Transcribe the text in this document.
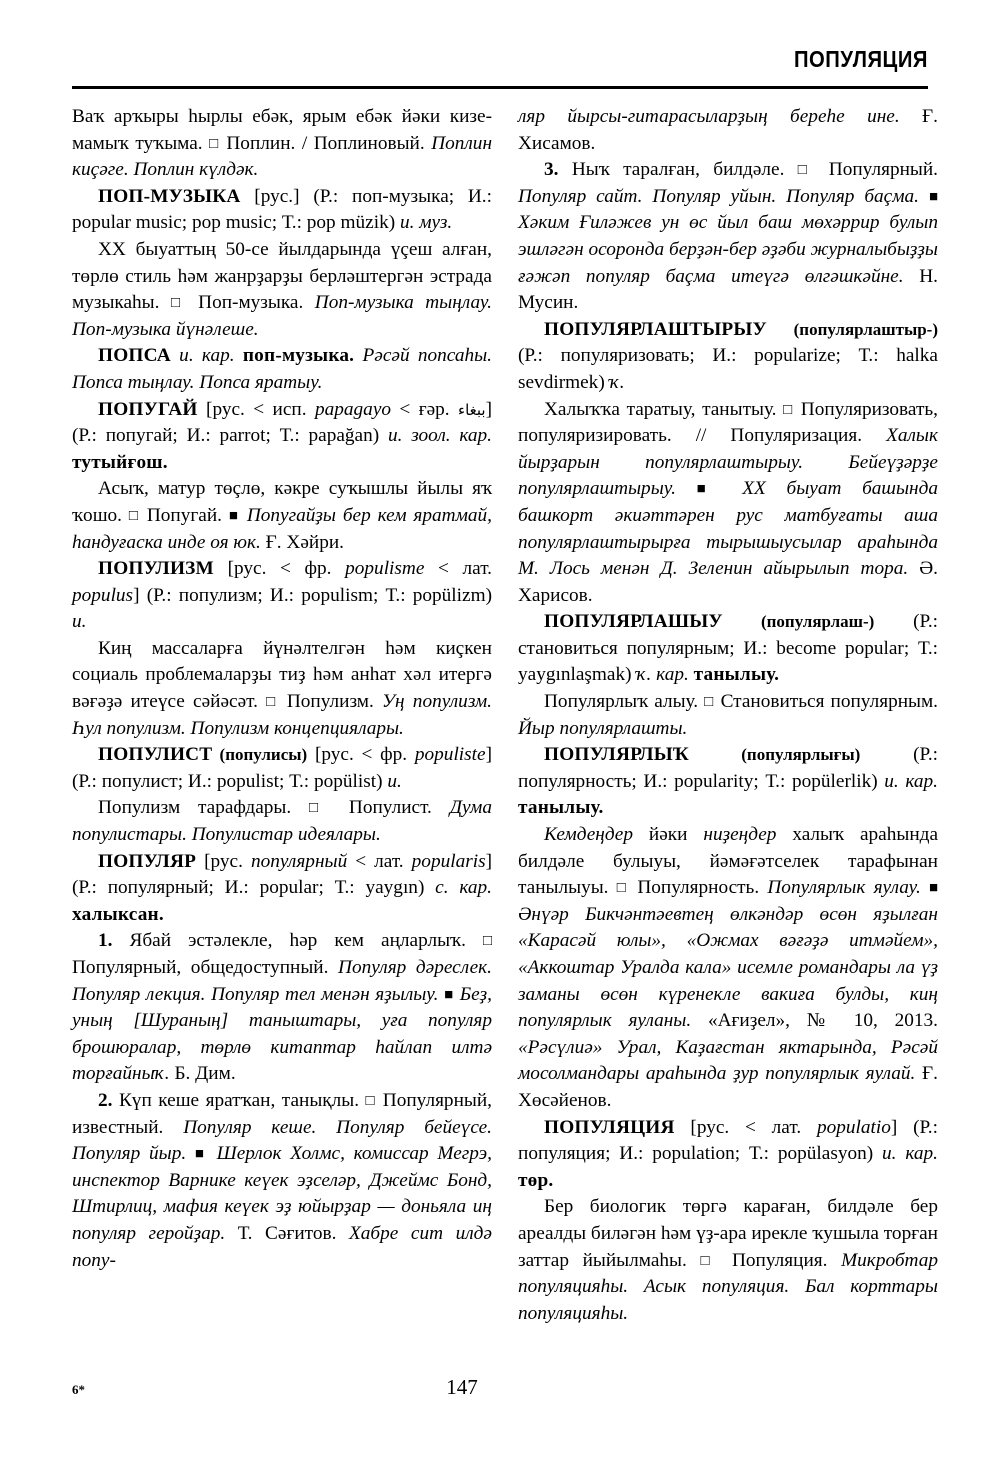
ПОПУЛЯЦИЯ

Ваҡ арҡыры һырлы ебәк, ярым ебәк йәки кизе-мамыҡ туҡыма. □ Поплин. / Поплиновый. Поплин киçәге. Поплин күлдәк.

ПОП-МУЗЫКА [рус.] (Р.: поп-музыка; И.: popular music; pop music; Т.: pop müzik) и. муз.

ХХ быуаттың 50-се йылдарында үçеш алған, төрлө стиль һәм жанрҙарҙы берләштергән эстрада музыкаһы. □ Поп-музыка. Поп-музыка тыңлау. Поп-музыка йүнәлеше.

ПОПСА и. кар. поп-музыка. Рәсәй попсаһы. Попса тыңлау. Попса яратыу.

ПОПУГАЙ [рус. < исп. papagayo < ғәр. ببغاء] (Р.: попугай; И.: parrot; Т.: papağan) и. зоол. кар. тутыйғош.

Асыҡ, матур төçлө, кәкре суҡышлы йылы яҡ ҡошо. □ Попугай. ■ Попугайҙы бер кем яратмай, һандуғаска инде оя юк. Ғ. Хәйри.

ПОПУЛИЗМ [рус. < фр. populisme < лат. populus] (Р.: популизм; И.: populism; Т.: popülizm) и.

Киң массаларға йүнәлтелгән һәм киçкен социаль проблемаларҙы тиҙ һәм анһат хәл итергә вәғәҙә итеүсе сәйәсәт. □ Популизм. Уң популизм. Һул популизм. Популизм концепциялары.

ПОПУЛИСТ (популисы) [рус. < фр. populiste] (Р.: популист; И.: populist; Т.: popülist) и.

Популизм тарафдары. □ Популист. Дума популистары. Популистар идеялары.

ПОПУЛЯР [рус. популярный < лат. popularis] (Р.: популярный; И.: popular; Т.: yaygın) с. кар. халыксан.

1. Ябай эстәлекле, һәр кем аңларлыҡ. □ Популярный, общедоступный. Популяр дәреслек. Популяр лекция. Популяр тел менән яҙылыу. ■ Беҙ, уның [Шураның] таныштары, уға популяр брошюралар, төрлө китаптар һайлап илтә торғайныҡ. Б. Дим.

2. Күп кеше яратҡан, танықлы. □ Популярный, известный. Популяр кеше. Популяр бейеүсе. Популяр йыр. ■ Шерлок Холмс, комиссар Мегрэ, инспектор Варнике кеүек эҙселәр, Джеймс Бонд, Штирлиц, мафия кеүек эҙ юйырҙар — доньяла иң популяр геройҙар. Т. Сәғитов. Хабре сит илдә попу-

ляр йырсы-гитарасыларҙың береһе ине. Ғ. Хисамов.

3. Ныҡ таралған, билдәле. □ Популярный. Популяр сайт. Популяр уйын. Популяр баçма. ■ Хәким Ғиләжев ун өс йыл баш мөхәррир булып эшләгән осоронда берҙән-бер әҙәби журналыбыҙҙы ғәжәп популяр баçма итеүгә өлгәшкәйне. Н. Мусин.

ПОПУЛЯРЛАШТЫРЫУ (популярлаштыр-) (Р.: популяризовать; И.: popularize; Т.: halka sevdirmek) ҡ.

Халыҡҡа таратыу, танытыу. □ Популяризовать, популяризировать. // Популяризация. Халык йырҙарын популярлаштырыу. Бейеүҙәрҙе популярлаштырыу. ■ ХХ быуат башында башкорт әкиәттәрен рус матбуғаты аша популярлаштырырға тырышыусылар араһында М. Лось менән Д. Зеленин айырылып тора. Ә. Харисов.

ПОПУЛЯРЛАШЫУ (популярлаш-) (Р.: становиться популярным; И.: become popular; Т.: yaygınlaşmak) ҡ. кар. танылыу.

Популярлыҡ алыу. □ Становиться популярным. Йыр популярлашты.

ПОПУЛЯРЛЫҠ (популярлығы) (Р.: популярность; И.: popularity; Т.: popülerlik) и. кар. танылыу.

Кемдеңдер йәки ниҙеңдер халыҡ араһында билдәле булыуы, йәмәғәтселек тарафынан танылыуы. □ Популярность. Популярлык яулау. ■ Әнүәр Бикчәнтәевтең өлкәндәр өсөн яҙылған «Карасәй юлы», «Ожмах вәғәҙә итмәйем», «Аккоштар Уралда кала» исемле романдары ла үҙ заманы өсөн күренекле вакиға булды, киң популярлык яуланы. «Ағиҙел», № 10, 2013. «Рәсүлиә» Урал, Каҙағстан яктарында, Рәсәй мосолмандары араһында ҙур популярлык яулай. Ғ. Хөсәйенов.

ПОПУЛЯЦИЯ [рус. < лат. populatio] (Р.: популяция; И.: population; Т.: popülasyon) и. кар. төр.

Бер биологик төргә караған, билдәле бер ареалды биләгән һәм үҙ-ара ирекле ҡушыла торған заттар йыйылмаһы. □ Популяция. Микробтар популяцияһы. Асык популяция. Бал корттары популяцияһы.

6*	147
